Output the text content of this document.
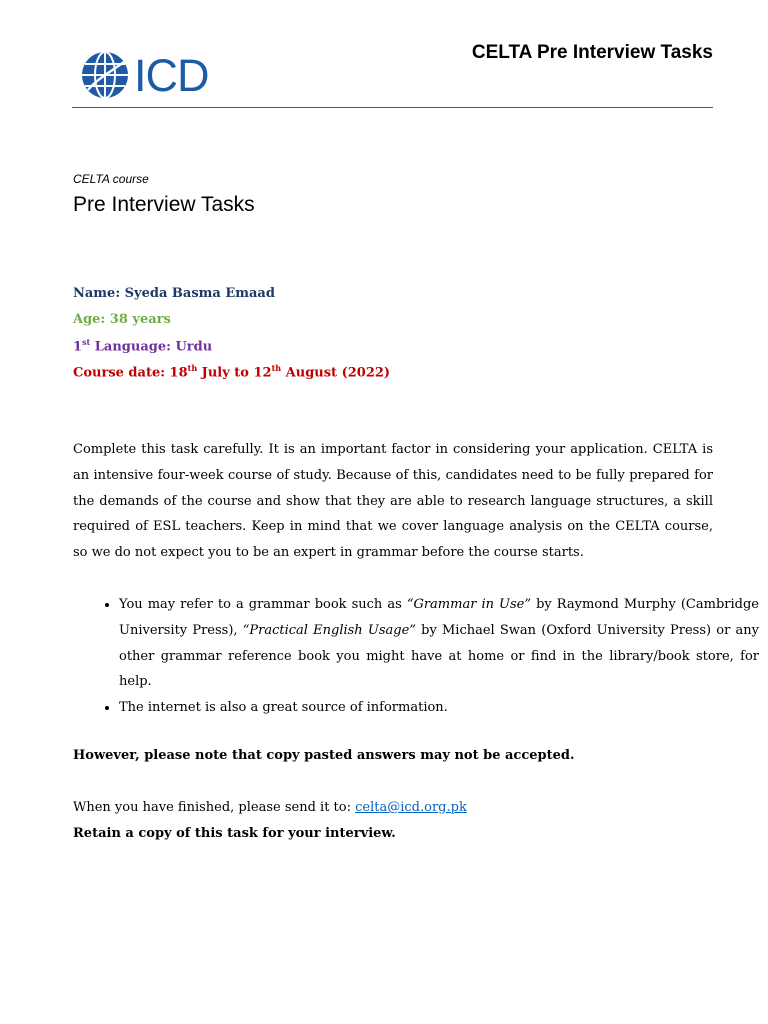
ICD	CELTA Pre Interview Tasks
CELTA course
Pre Interview Tasks
Name: Syeda Basma Emaad
Age: 38 years
1st Language: Urdu
Course date: 18th July to 12th August (2022)

Complete this task carefully. It is an important factor in considering your application. CELTA is an intensive four-week course of study. Because of this, candidates need to be fully prepared for the demands of the course and show that they are able to research language structures, a skill required of ESL teachers. Keep in mind that we cover language analysis on the CELTA course, so we do not expect you to be an expert in grammar before the course starts.

• You may refer to a grammar book such as “Grammar in Use” by Raymond Murphy (Cambridge University Press), “Practical English Usage” by Michael Swan (Oxford University Press) or any other grammar reference book you might have at home or find in the library/book store, for help.
• The internet is also a great source of information.
However, please note that copy pasted answers may not be accepted.
When you have finished, please send it to: celta@icd.org.pk
Retain a copy of this task for your interview.
